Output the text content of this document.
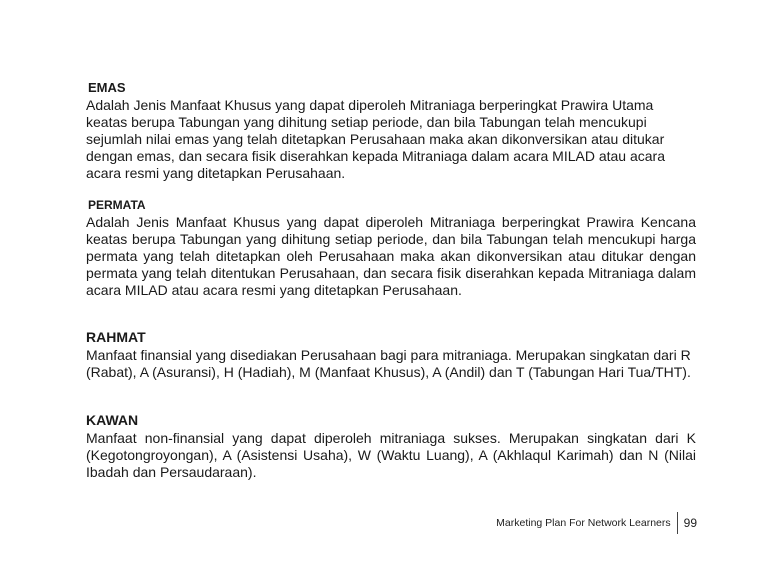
EMAS

Adalah Jenis Manfaat Khusus yang dapat diperoleh Mitraniaga berperingkat Prawira Utama keatas berupa Tabungan yang dihitung setiap periode, dan bila Tabungan telah mencukupi sejumlah nilai emas yang telah ditetapkan Perusahaan maka akan dikonversikan atau ditukar dengan emas, dan secara fisik diserahkan kepada Mitraniaga dalam acara MILAD atau acara acara resmi yang ditetapkan Perusahaan.

PERMATA

Adalah Jenis Manfaat Khusus yang dapat diperoleh Mitraniaga berperingkat Prawira Kencana keatas berupa Tabungan yang dihitung setiap periode, dan bila Tabungan telah mencukupi harga permata yang telah ditetapkan oleh Perusahaan maka akan dikonversikan atau ditukar dengan permata yang telah ditentukan Perusahaan, dan secara fisik diserahkan kepada Mitraniaga dalam acara MILAD atau acara resmi yang ditetapkan Perusahaan.

RAHMAT

Manfaat finansial yang disediakan Perusahaan bagi para mitraniaga. Merupakan singkatan dari R (Rabat), A (Asuransi), H (Hadiah), M (Manfaat Khusus), A (Andil) dan T (Tabungan Hari Tua/THT).

KAWAN

Manfaat non-finansial yang dapat diperoleh mitraniaga sukses. Merupakan singkatan dari K (Kegotongroyongan), A (Asistensi Usaha), W (Waktu Luang), A (Akhlaqul Karimah) dan N (Nilai Ibadah dan Persaudaraan).

Marketing Plan For Network Learners	99
